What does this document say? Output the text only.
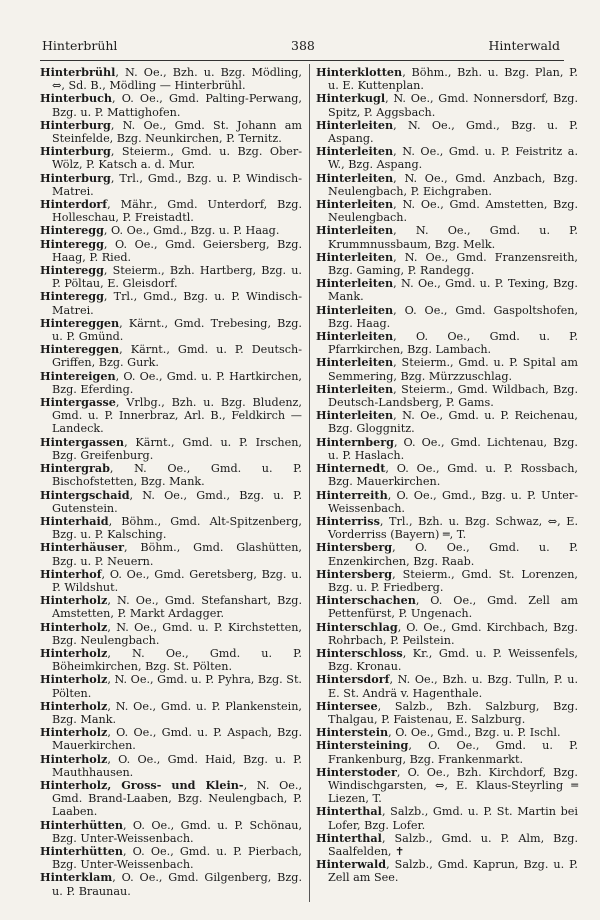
Hinterbrühl	388	Hinterwald

Hinterbrühl, N. Oe., Bzh. u. Bzg. Mödling, ⇔, Sd. B., Mödling — Hinterbrühl.

Hinterbuch, O. Oe., Gmd. Palting-Perwang, Bzg. u. P. Mattighofen.

Hinterburg, N. Oe., Gmd. St. Johann am Steinfelde, Bzg. Neunkirchen, P. Ternitz.

Hinterburg, Steierm., Gmd. u. Bzg. Ober-Wölz, P. Katsch a. d. Mur.

Hinterburg, Trl., Gmd., Bzg. u. P. Windisch-Matrei.

Hinterdorf, Mähr., Gmd. Unterdorf, Bzg. Holleschau, P. Freistadtl.

Hinteregg, O. Oe., Gmd., Bzg. u. P. Haag.

Hinteregg, O. Oe., Gmd. Geiersberg, Bzg. Haag, P. Ried.

Hinteregg, Steierm., Bzh. Hartberg, Bzg. u. P. Pöltau, E. Gleisdorf.

Hinteregg, Trl., Gmd., Bzg. u. P. Windisch-Matrei.

Hintereggen, Kärnt., Gmd. Trebesing, Bzg. u. P. Gmünd.

Hintereggen, Kärnt., Gmd. u. P. Deutsch-Griffen, Bzg. Gurk.

Hintereigen, O. Oe., Gmd. u. P. Hartkirchen, Bzg. Eferding.

Hintergasse, Vrlbg., Bzh. u. Bzg. Bludenz, Gmd. u. P. Innerbraz, Arl. B., Feldkirch — Landeck.

Hintergassen, Kärnt., Gmd. u. P. Irschen, Bzg. Greifenburg.

Hintergrab, N. Oe., Gmd. u. P. Bischofstetten, Bzg. Mank.

Hintergschaid, N. Oe., Gmd., Bzg. u. P. Gutenstein.

Hinterhaid, Böhm., Gmd. Alt-Spitzenberg, Bzg. u. P. Kalsching.

Hinterhäuser, Böhm., Gmd. Glashütten, Bzg. u. P. Neuern.

Hinterhof, O. Oe., Gmd. Geretsberg, Bzg. u. P. Wildshut.

Hinterholz, N. Oe., Gmd. Stefanshart, Bzg. Amstetten, P. Markt Ardagger.

Hinterholz, N. Oe., Gmd. u. P. Kirchstetten, Bzg. Neulengbach.

Hinterholz, N. Oe., Gmd. u. P. Böheimkirchen, Bzg. St. Pölten.

Hinterholz, N. Oe., Gmd. u. P. Pyhra, Bzg. St. Pölten.

Hinterholz, N. Oe., Gmd. u. P. Plankenstein, Bzg. Mank.

Hinterholz, O. Oe., Gmd. u. P. Aspach, Bzg. Mauerkirchen.

Hinterholz, O. Oe., Gmd. Haid, Bzg. u. P. Mauthhausen.

Hinterholz, Gross- und Klein-, N. Oe., Gmd. Brand-Laaben, Bzg. Neulengbach, P. Laaben.

Hinterhütten, O. Oe., Gmd. u. P. Schönau, Bzg. Unter-Weissenbach.

Hinterhütten, O. Oe., Gmd. u. P. Pierbach, Bzg. Unter-Weissenbach.

Hinterklam, O. Oe., Gmd. Gilgenberg, Bzg. u. P. Braunau.

Hinterklotten, Böhm., Bzh. u. Bzg. Plan, P. u. E. Kuttenplan.

Hinterkugl, N. Oe., Gmd. Nonnersdorf, Bzg. Spitz, P. Aggsbach.

Hinterleiten, N. Oe., Gmd., Bzg. u. P. Aspang.

Hinterleiten, N. Oe., Gmd. u. P. Feistritz a. W., Bzg. Aspang.

Hinterleiten, N. Oe., Gmd. Anzbach, Bzg. Neulengbach, P. Eichgraben.

Hinterleiten, N. Oe., Gmd. Amstetten, Bzg. Neulengbach.

Hinterleiten, N. Oe., Gmd. u. P. Krummnussbaum, Bzg. Melk.

Hinterleiten, N. Oe., Gmd. Franzensreith, Bzg. Gaming, P. Randegg.

Hinterleiten, N. Oe., Gmd. u. P. Texing, Bzg. Mank.

Hinterleiten, O. Oe., Gmd. Gaspoltshofen, Bzg. Haag.

Hinterleiten, O. Oe., Gmd. u. P. Pfarrkirchen, Bzg. Lambach.

Hinterleiten, Steierm., Gmd. u. P. Spital am Semmering, Bzg. Mürzzuschlag.

Hinterleiten, Steierm., Gmd. Wildbach, Bzg. Deutsch-Landsberg, P. Gams.

Hinterleiten, N. Oe., Gmd. u. P. Reichenau, Bzg. Gloggnitz.

Hinternberg, O. Oe., Gmd. Lichtenau, Bzg. u. P. Haslach.

Hinternedt, O. Oe., Gmd. u. P. Rossbach, Bzg. Mauerkirchen.

Hinterreith, O. Oe., Gmd., Bzg. u. P. Unter-Weissenbach.

Hinterriss, Trl., Bzh. u. Bzg. Schwaz, ⇔, E. Vorderriss (Bayern) ═, T.

Hintersberg, O. Oe., Gmd. u. P. Enzenkirchen, Bzg. Raab.

Hintersberg, Steierm., Gmd. St. Lorenzen, Bzg. u. P. Friedberg.

Hinterschachen, O. Oe., Gmd. Zell am Pettenfürst, P. Ungenach.

Hinterschlag, O. Oe., Gmd. Kirchbach, Bzg. Rohrbach, P. Peilstein.

Hinterschloss, Kr., Gmd. u. P. Weissenfels, Bzg. Kronau.

Hintersdorf, N. Oe., Bzh. u. Bzg. Tulln, P. u. E. St. Andrä v. Hagenthale.

Hintersee, Salzb., Bzh. Salzburg, Bzg. Thalgau, P. Faistenau, E. Salzburg.

Hinterstein, O. Oe., Gmd., Bzg. u. P. Ischl.

Hintersteining, O. Oe., Gmd. u. P. Frankenburg, Bzg. Frankenmarkt.

Hinterstoder, O. Oe., Bzh. Kirchdorf, Bzg. Windischgarsten, ⇔, E. Klaus-Steyrling ═ Liezen, T.

Hinterthal, Salzb., Gmd. u. P. St. Martin bei Lofer, Bzg. Lofer.

Hinterthal, Salzb., Gmd. u. P. Alm, Bzg. Saalfelden, ✝

Hinterwald, Salzb., Gmd. Kaprun, Bzg. u. P. Zell am See.
